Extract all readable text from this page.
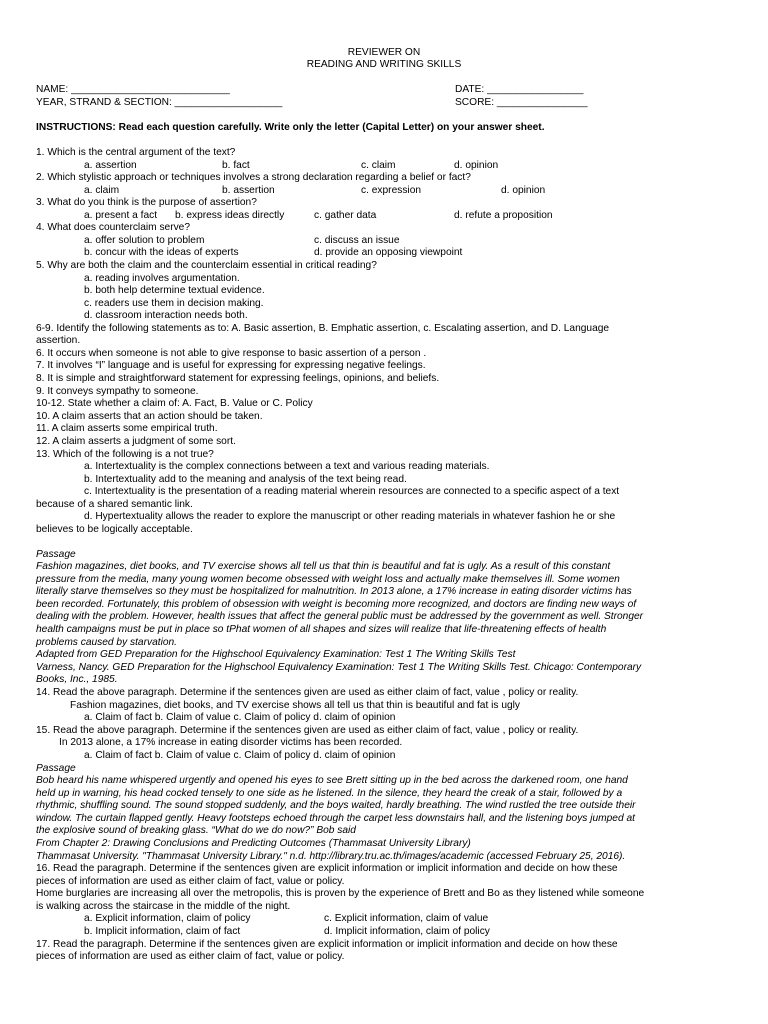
REVIEWER ON
READING AND WRITING SKILLS
NAME: ____________________________	DATE: _________________
YEAR, STRAND & SECTION: ___________________	SCORE: ________________
INSTRUCTIONS: Read each question carefully. Write only the letter (Capital Letter) on your answer sheet.
1. Which is the central argument of the text?
a. assertion	b. fact	c. claim	d. opinion
2. Which stylistic approach or techniques involves a strong declaration regarding a belief or fact?
a. claim	b. assertion	c. expression	d. opinion
3. What do you think is the purpose of assertion?
a. present a fact b. express ideas directly	c. gather data	d. refute a proposition
4. What does counterclaim serve?
a. offer solution to problem	c. discuss an issue
b. concur with the ideas of experts	d. provide an opposing viewpoint
5. Why are both the claim and the counterclaim essential in critical reading?
a. reading involves argumentation.
b. both help determine textual evidence.
c. readers use them in decision making.
d. classroom interaction needs both.
6-9. Identify the following statements as to: A. Basic assertion, B. Emphatic assertion, c. Escalating assertion, and D. Language
assertion.
6. It occurs when someone is not able to give response to basic assertion of a person .
7. It involves “I” language and is useful for expressing for expressing negative feelings.
8. It is simple and straightforward statement for expressing feelings, opinions, and beliefs.
9. It conveys sympathy to someone.
10-12. State whether a claim of: A. Fact, B. Value or C. Policy
10. A claim asserts that an action should be taken.
11. A claim asserts some empirical truth.
12. A claim asserts a judgment of some sort.
13. Which of the following is a not true?
a. Intertextuality is the complex connections between a text and various reading materials.
b. Intertextuality add to the meaning and analysis of the text being read.
c. Intertextuality is the presentation of a reading material wherein resources are connected to a specific aspect of a text
because of a shared semantic link.
d. Hypertextuality allows the reader to explore the manuscript or other reading materials in whatever fashion he or she
believes to be logically acceptable.
Passage
Fashion magazines, diet books, and TV exercise shows all tell us that thin is beautiful and fat is ugly. As a result of this constant
pressure from the media, many young women become obsessed with weight loss and actually make themselves ill. Some women
literally starve themselves so they must be hospitalized for malnutrition. In 2013 alone, a 17% increase in eating disorder victims has
been recorded. Fortunately, this problem of obsession with weight is becoming more recognized, and doctors are finding new ways of
dealing with the problem. However, health issues that affect the general public must be addressed by the government as well. Stronger
health campaigns must be put in place so tPhat women of all shapes and sizes will realize that life-threatening effects of health
problems caused by starvation.
Adapted from GED Preparation for the Highschool Equivalency Examination: Test 1 The Writing Skills Test
Varness, Nancy. GED Preparation for the Highschool Equivalency Examination: Test 1 The Writing Skills Test. Chicago: Contemporary
Books, Inc., 1985.
14. Read the above paragraph. Determine if the sentences given are used as either claim of fact, value , policy or reality.
Fashion magazines, diet books, and TV exercise shows all tell us that thin is beautiful and fat is ugly
a. Claim of fact b. Claim of value c. Claim of policy d. claim of opinion
15. Read the above paragraph. Determine if the sentences given are used as either claim of fact, value , policy or reality.
In 2013 alone, a 17% increase in eating disorder victims has been recorded.
a. Claim of fact b. Claim of value c. Claim of policy d. claim of opinion
Passage
Bob heard his name whispered urgently and opened his eyes to see Brett sitting up in the bed across the darkened room, one hand
held up in warning, his head cocked tensely to one side as he listened. In the silence, they heard the creak of a stair, followed by a
rhythmic, shuffling sound. The sound stopped suddenly, and the boys waited, hardly breathing. The wind rustled the tree outside their
window. The curtain flapped gently. Heavy footsteps echoed through the carpet less downstairs hall, and the listening boys jumped at
the explosive sound of breaking glass. “What do we do now?” Bob said
From Chapter 2: Drawing Conclusions and Predicting Outcomes (Thammasat University Library)
Thammasat University. "Thammasat University Library." n.d. http://library.tru.ac.th/images/academic (accessed February 25, 2016).
16. Read the paragraph. Determine if the sentences given are explicit information or implicit information and decide on how these
pieces of information are used as either claim of fact, value or policy.
Home burglaries are increasing all over the metropolis, this is proven by the experience of Brett and Bo as they listened while someone
is walking across the staircase in the middle of the night.
a. Explicit information, claim of policy	c. Explicit information, claim of value
b. Implicit information, claim of fact	d. Implicit information, claim of policy
17. Read the paragraph. Determine if the sentences given are explicit information or implicit information and decide on how these
pieces of information are used as either claim of fact, value or policy.
